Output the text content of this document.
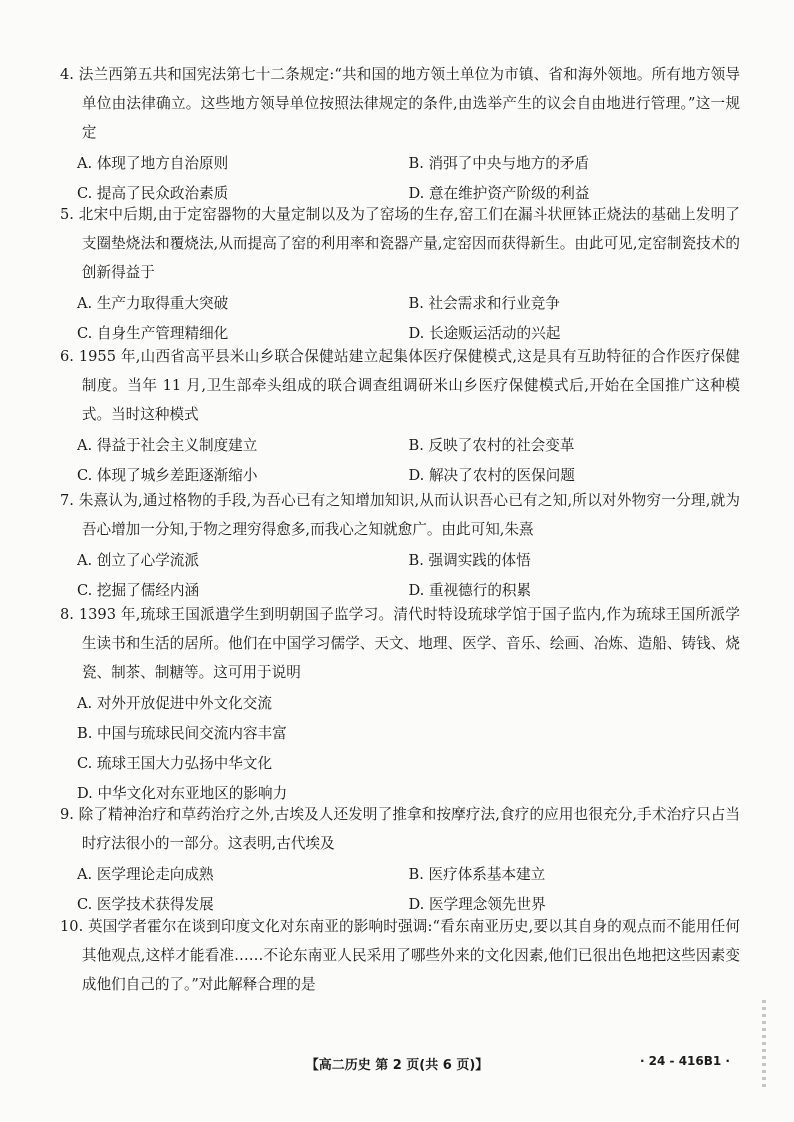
4. 法兰西第五共和国宪法第七十二条规定:“共和国的地方领土单位为市镇、省和海外领地。所有地方领导单位由法律确立。这些地方领导单位按照法律规定的条件,由选举产生的议会自由地进行管理。”这一规定

A. 体现了地方自治原则	B. 消弭了中央与地方的矛盾
C. 提高了民众政治素质	D. 意在维护资产阶级的利益

5. 北宋中后期,由于定窑器物的大量定制以及为了窑场的生存,窑工们在漏斗状匣钵正烧法的基础上发明了支圈垫烧法和覆烧法,从而提高了窑的利用率和瓷器产量,定窑因而获得新生。由此可见,定窑制瓷技术的创新得益于

A. 生产力取得重大突破	B. 社会需求和行业竞争
C. 自身生产管理精细化	D. 长途贩运活动的兴起

6. 1955 年,山西省高平县米山乡联合保健站建立起集体医疗保健模式,这是具有互助特征的合作医疗保健制度。当年 11 月,卫生部牵头组成的联合调查组调研米山乡医疗保健模式后,开始在全国推广这种模式。当时这种模式

A. 得益于社会主义制度建立	B. 反映了农村的社会变革
C. 体现了城乡差距逐渐缩小	D. 解决了农村的医保问题

7. 朱熹认为,通过格物的手段,为吾心已有之知增加知识,从而认识吾心已有之知,所以对外物穷一分理,就为吾心增加一分知,于物之理穷得愈多,而我心之知就愈广。由此可知,朱熹

A. 创立了心学流派	B. 强调实践的体悟
C. 挖掘了儒经内涵	D. 重视德行的积累

8. 1393 年,琉球王国派遣学生到明朝国子监学习。清代时特设琉球学馆于国子监内,作为琉球王国所派学生读书和生活的居所。他们在中国学习儒学、天文、地理、医学、音乐、绘画、冶炼、造船、铸钱、烧瓷、制茶、制糖等。这可用于说明

A. 对外开放促进中外文化交流
B. 中国与琉球民间交流内容丰富
C. 琉球王国大力弘扬中华文化
D. 中华文化对东亚地区的影响力

9. 除了精神治疗和草药治疗之外,古埃及人还发明了推拿和按摩疗法,食疗的应用也很充分,手术治疗只占当时疗法很小的一部分。这表明,古代埃及

A. 医学理论走向成熟	B. 医疗体系基本建立
C. 医学技术获得发展	D. 医学理念领先世界

10. 英国学者霍尔在谈到印度文化对东南亚的影响时强调:“看东南亚历史,要以其自身的观点而不能用任何其他观点,这样才能看准……不论东南亚人民采用了哪些外来的文化因素,他们已很出色地把这些因素变成他们自己的了。”对此解释合理的是

【高二历史 第 2 页(共 6 页)】	· 24 - 416B1 ·
